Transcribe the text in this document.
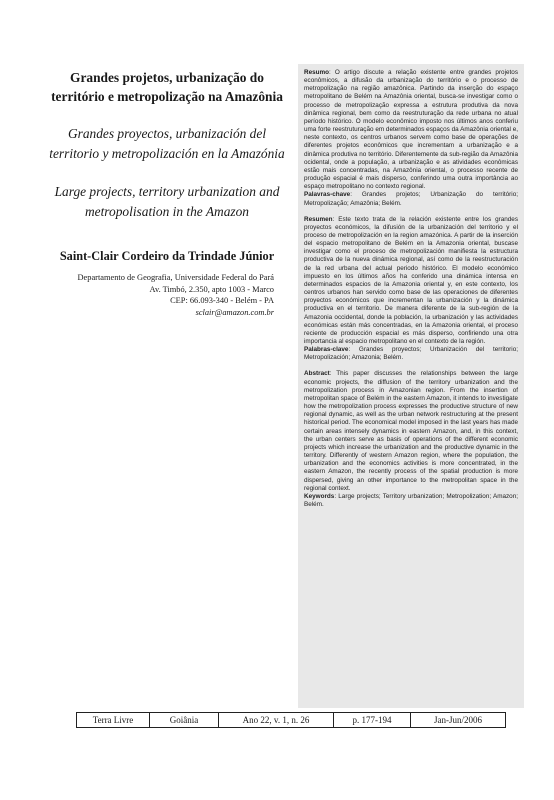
Grandes projetos, urbanização do território e metropolização na Amazônia

Grandes proyectos, urbanización del territorio y metropolización en la Amazónia

Large projects, territory urbanization and metropolisation in the Amazon

Saint-Clair Cordeiro da Trindade Júnior
Departamento de Geografia, Universidade Federal do Pará
Av. Timbó, 2.350, apto 1003 - Marco
CEP: 66.093-340 - Belém - PA
sclair@amazon.com.br

Resumo: O artigo discute a relação existente entre grandes projetos econômicos, a difusão da urbanização do território e o processo de metropolização na região amazônica. Partindo da inserção do espaço metropolitano de Belém na Amazônia oriental, busca-se investigar como o processo de metropolização expressa a estrutura produtiva da nova dinâmica regional, bem como da reestruturação da rede urbana no atual período histórico. O modelo econômico imposto nos últimos anos conferiu uma forte reestruturação em determinados espaços da Amazônia oriental e, neste contexto, os centros urbanos servem como base de operações de diferentes projetos econômicos que incrementam a urbanização e a dinâmica produtiva no território. Diferentemente da sub-região da Amazônia ocidental, onde a população, a urbanização e as atividades econômicas estão mais concentradas, na Amazônia oriental, o processo recente de produção espacial é mais disperso, conferindo uma outra importância ao espaço metropolitano no contexto regional.

Palavras-chave: Grandes projetos; Urbanização do território; Metropolização; Amazônia; Belém.

Resumen: Este texto trata de la relación existente entre los grandes proyectos económicos, la difusión de la urbanización del territorio y el proceso de metropolización en la region amazónica. A partir de la inserción del espacio metropolitano de Belém en la Amazonia oriental, buscase investigar como el proceso de metropolización manifiesta la estructura productiva de la nueva dinámica regional, así como de la reestructuración de la red urbana del actual periodo histórico. El modelo económico impuesto en los últimos años ha conferido una dinámica intensa en determinados espacios de la Amazonia oriental y, en este contexto, los centros urbanos han servido como base de las operaciones de diferentes proyectos económicos que incrementan la urbanización y la dinámica productiva en el territorio. De manera diferente de la sub-región de la Amazonia occidental, donde la población, la urbanización y las actividades económicas están más concentradas, en la Amazonia oriental, el proceso reciente de producción espacial es más disperso, confiriendo una otra importancia al espacio metropolitano en el contexto de la región.

Palabras-clave: Grandes proyectos; Urbanización del territorio; Metropolización; Amazonia; Belém.

Abstract: This paper discusses the relationships between the large economic projects, the diffusion of the territory urbanization and the metropolization process in Amazonian region. From the insertion of metropolitan space of Belém in the eastern Amazon, it intends to investigate how the metropolization process expresses the productive structure of new regional dynamic, as well as the urban network restructuring at the present historical period. The economical model imposed in the last years has made certain areas intensely dynamics in eastern Amazon, and, in this context, the urban centers serve as basis of operations of the different economic projects which increase the urbanization and the productive dynamic in the territory. Differently of western Amazon region, where the population, the urbanization and the economics activities is more concentrated, in the eastern Amazon, the recently process of the spatial production is more dispersed, giving an other importance to the metropolitan space in the regional context.

Keywords: Large projects; Territory urbanization; Metropolization; Amazon; Belém.

Terra Livre	Goiânia	Ano 22, v. 1, n. 26	p. 177-194	Jan-Jun/2006
